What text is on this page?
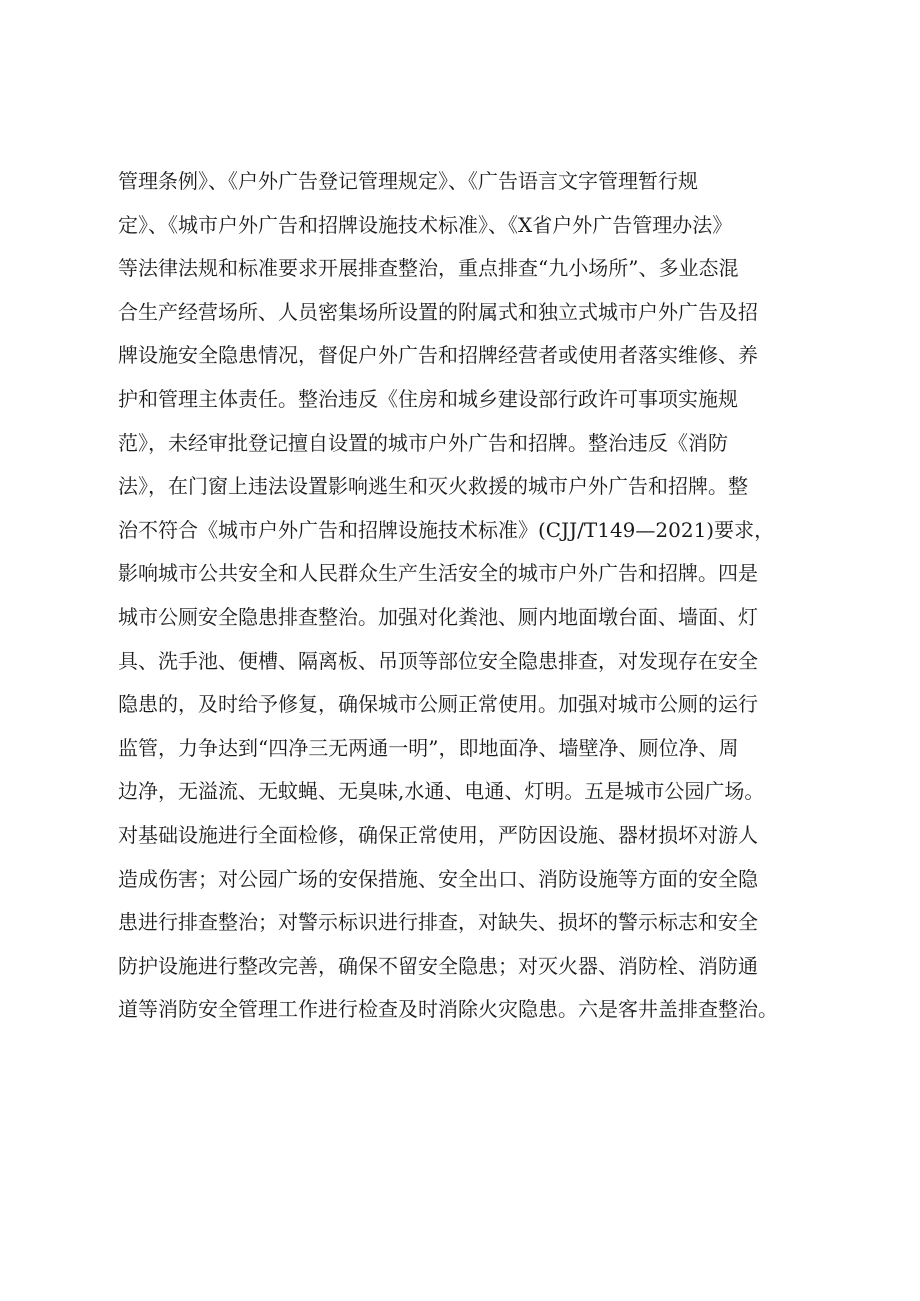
管理条例》、《户外广告登记管理规定》、《广告语言文字管理暂行规
定》、《城市户外广告和招牌设施技术标准》、《X省户外广告管理办法》
等法律法规和标准要求开展排查整治，重点排查“九小场所”、多业态混
合生产经营场所、人员密集场所设置的附属式和独立式城市户外广告及招
牌设施安全隐患情况，督促户外广告和招牌经营者或使用者落实维修、养
护和管理主体责任。整治违反《住房和城乡建设部行政许可事项实施规
范》，未经审批登记擅自设置的城市户外广告和招牌。整治违反《消防
法》，在门窗上违法设置影响逃生和灭火救援的城市户外广告和招牌。整
治不符合《城市户外广告和招牌设施技术标准》(CJJ/T149—2021)要求，
影响城市公共安全和人民群众生产生活安全的城市户外广告和招牌。四是
城市公厕安全隐患排查整治。加强对化粪池、厕内地面墩台面、墙面、灯
具、洗手池、便槽、隔离板、吊顶等部位安全隐患排查，对发现存在安全
隐患的，及时给予修复，确保城市公厕正常使用。加强对城市公厕的运行
监管，力争达到“四净三无两通一明”，即地面净、墙壁净、厕位净、周
边净，无溢流、无蚊蝇、无臭味,水通、电通、灯明。五是城市公园广场。
对基础设施进行全面检修，确保正常使用，严防因设施、器材损坏对游人
造成伤害；对公园广场的安保措施、安全出口、消防设施等方面的安全隐
患进行排查整治；对警示标识进行排查，对缺失、损坏的警示标志和安全
防护设施进行整改完善，确保不留安全隐患；对灭火器、消防栓、消防通
道等消防安全管理工作进行检查及时消除火灾隐患。六是客井盖排查整治。
